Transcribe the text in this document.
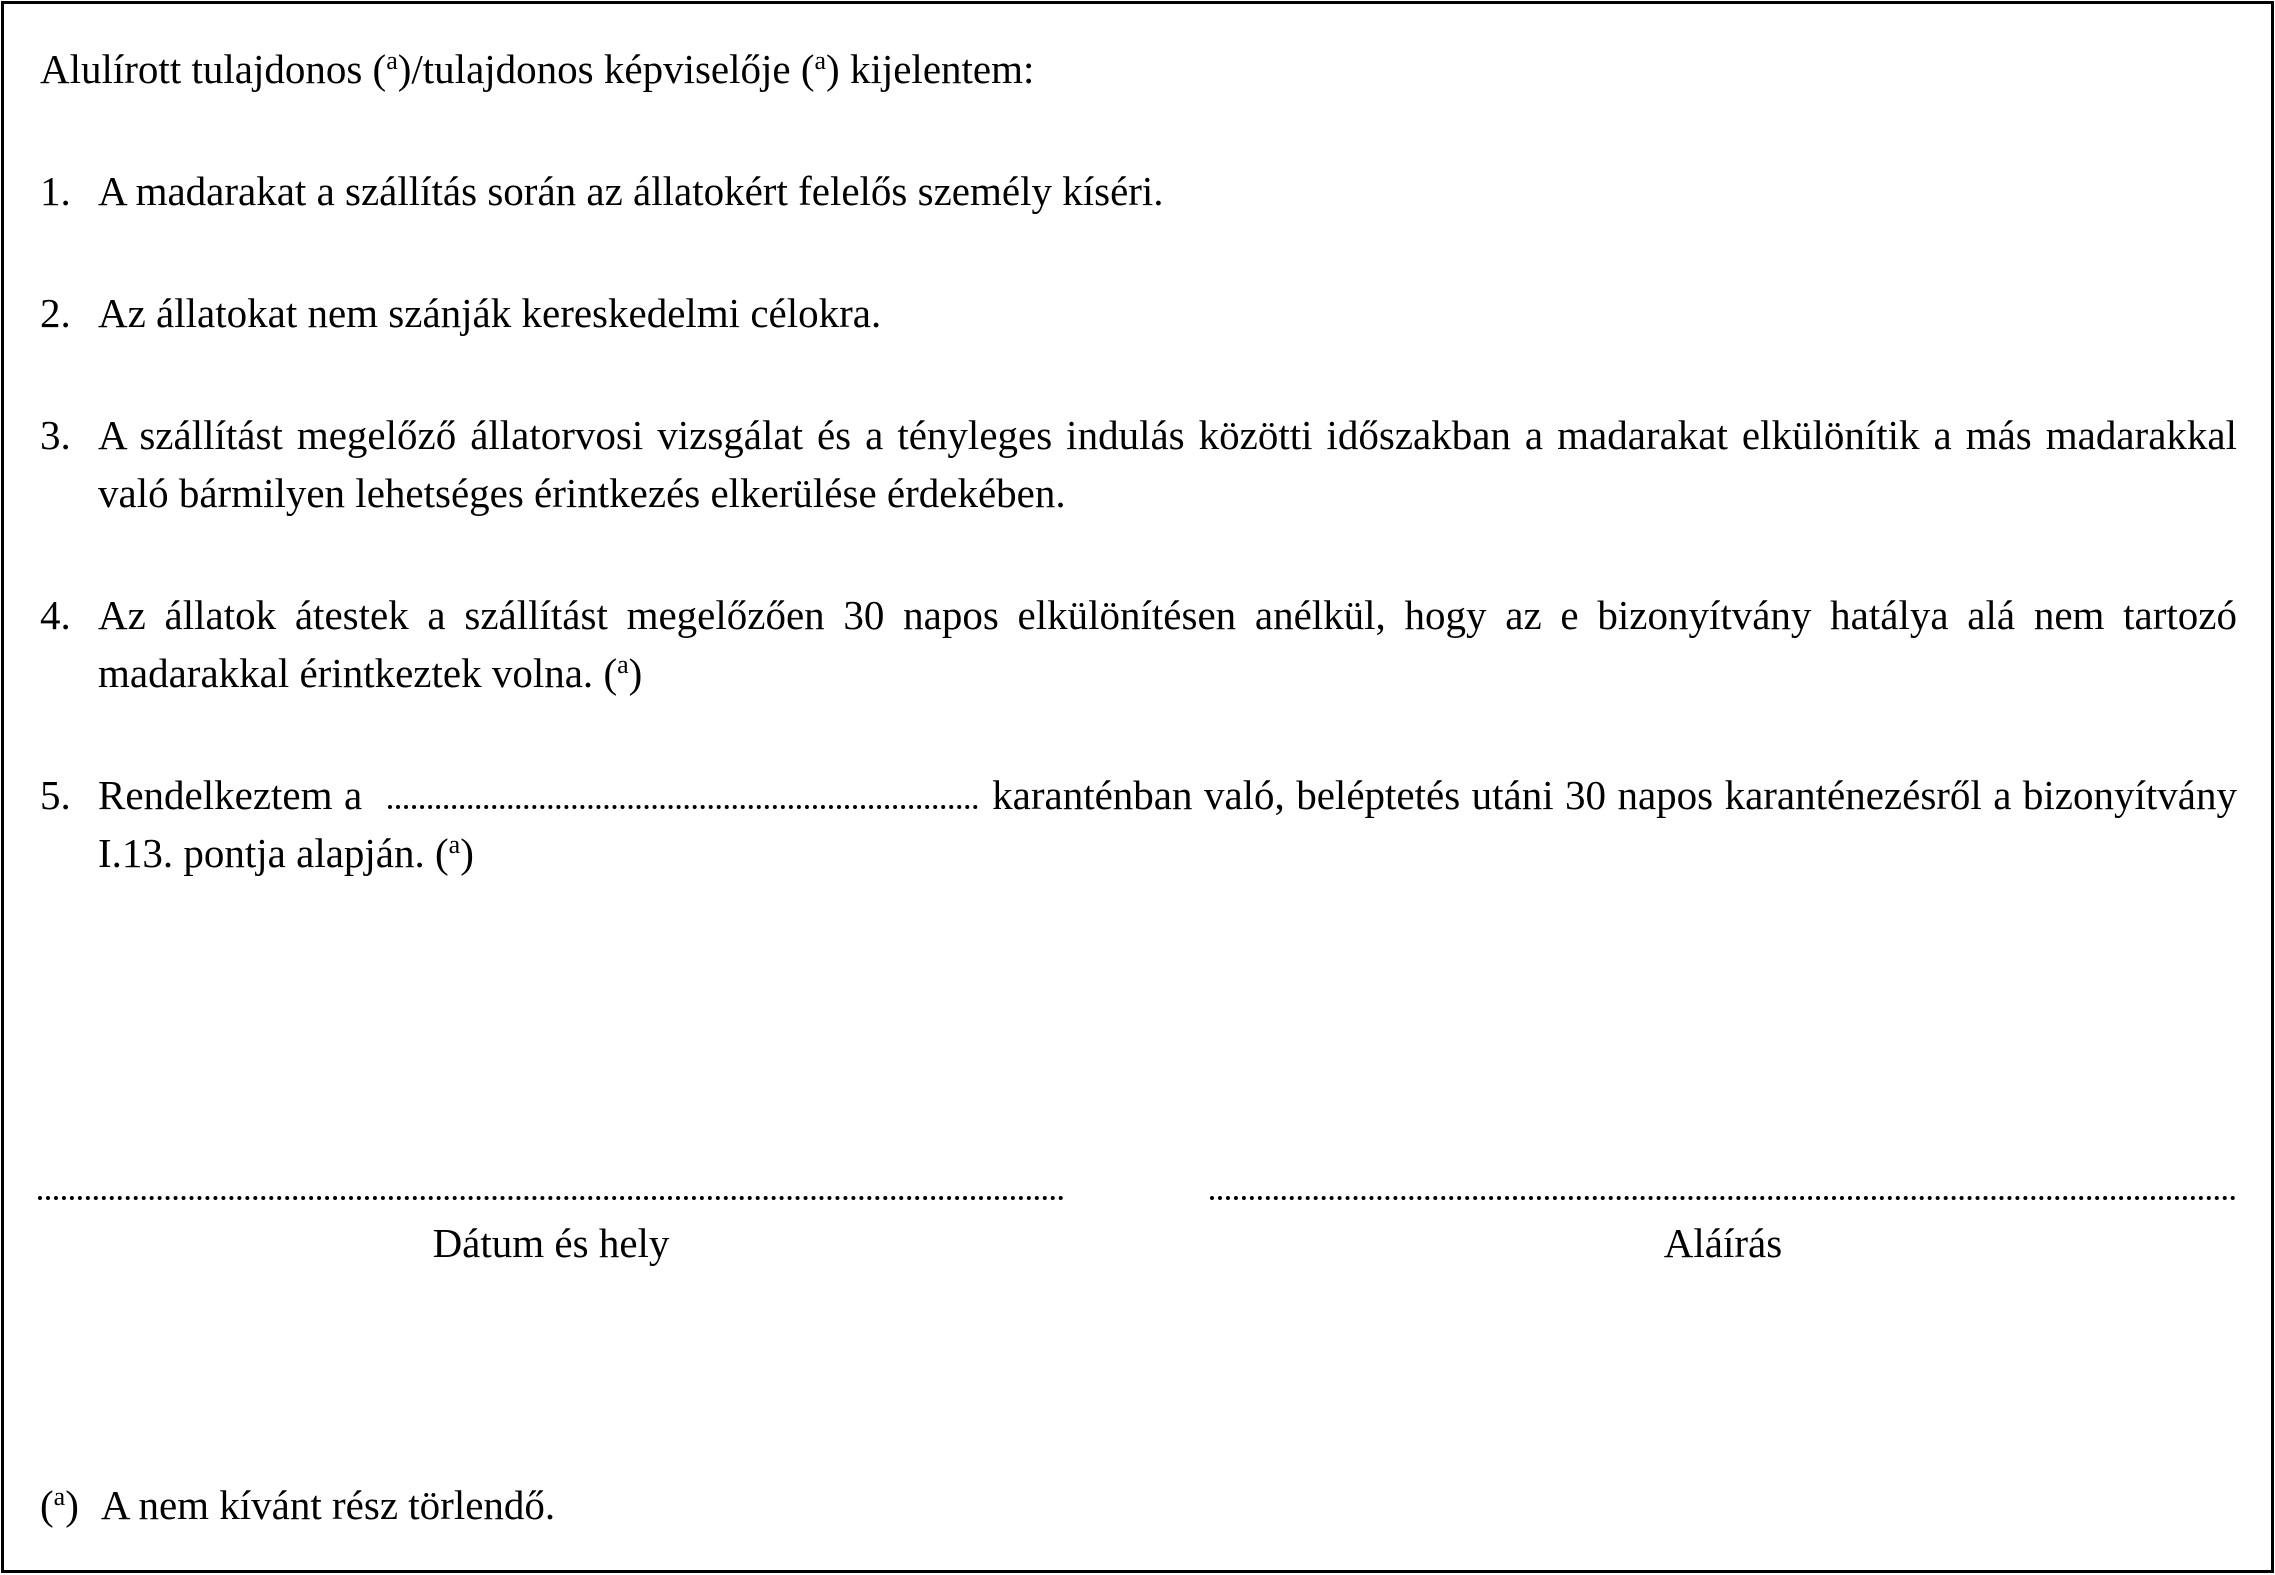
Alulírott tulajdonos ($^a$)/tulajdonos képviselője ($^a$) kijelentem:
1. A madarakat a szállítás során az állatokért felelős személy kíséri.
2. Az állatokat nem szánják kereskedelmi célokra.
3. A szállítást megelőző állatorvosi vizsgálat és a tényleges indulás közötti időszakban a madarakat elkülönítik a más madarakkal való bármilyen lehetséges érintkezés elkerülése érdekében.
4. Az állatok átestek a szállítást megelőzően 30 napos elkülönítésen anélkül, hogy az e bizonyítvány hatálya alá nem tartozó madarakkal érintkeztek volna. ($^a$)
5. Rendelkeztem a	karanténban való, beléptetés utáni 30 napos karanténezésről a bizonyítvány I.13. pontja alapján. ($^a$)
Dátum és hely	Aláírás
($^a$) A nem kívánt rész törlendő.
